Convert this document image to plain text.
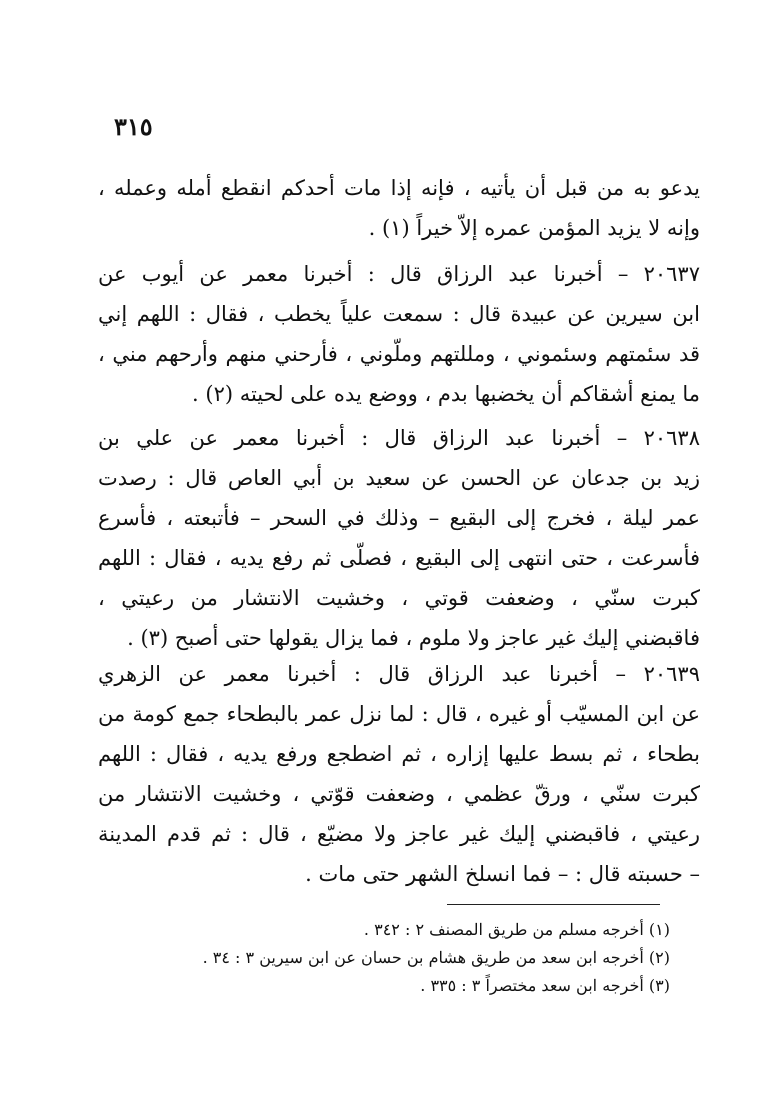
٣١٥
يدعو به من قبل أن يأتيه ، فإنه إذا مات أحدكم انقطع أمله وعمله ،
وإنه لا يزيد المؤمن عمره إلاّ خيراً (١) .
٢٠٦٣٧ – أخبرنا عبد الرزاق قال : أخبرنا معمر عن أيوب عن
ابن سيرين عن عبيدة قال : سمعت علياً يخطب ، فقال : اللهم إني
قد سئمتهم وسئموني ، ومللتهم وملّوني ، فأرحني منهم وأرحهم مني ،
ما يمنع أشقاكم أن يخضبها بدم ، ووضع يده على لحيته (٢) .
٢٠٦٣٨ – أخبرنا عبد الرزاق قال : أخبرنا معمر عن علي بن
زيد بن جدعان عن الحسن عن سعيد بن أبي العاص قال : رصدت
عمر ليلة ، فخرج إلى البقيع – وذلك في السحر – فأتبعته ، فأسرع
فأسرعت ، حتى انتهى إلى البقيع ، فصلّى ثم رفع يديه ، فقال : اللهم
كبرت سنّي ، وضعفت قوتي ، وخشيت الانتشار من رعيتي ،
فاقبضني إليك غير عاجز ولا ملوم ، فما يزال يقولها حتى أصبح (٣) .
٢٠٦٣٩ – أخبرنا عبد الرزاق قال : أخبرنا معمر عن الزهري
عن ابن المسيّب أو غيره ، قال : لما نزل عمر بالبطحاء جمع كومة من
بطحاء ، ثم بسط عليها إزاره ، ثم اضطجع ورفع يديه ، فقال : اللهم
كبرت سنّي ، ورقّ عظمي ، وضعفت قوّتي ، وخشيت الانتشار من
رعيتي ، فاقبضني إليك غير عاجز ولا مضيّع ، قال : ثم قدم المدينة
– حسبته قال : – فما انسلخ الشهر حتى مات .
(١) أخرجه مسلم من طريق المصنف ٢ : ٣٤٢ .
(٢) أخرجه ابن سعد من طريق هشام بن حسان عن ابن سيرين ٣ : ٣٤ .
(٣) أخرجه ابن سعد مختصراً ٣ : ٣٣٥ .
